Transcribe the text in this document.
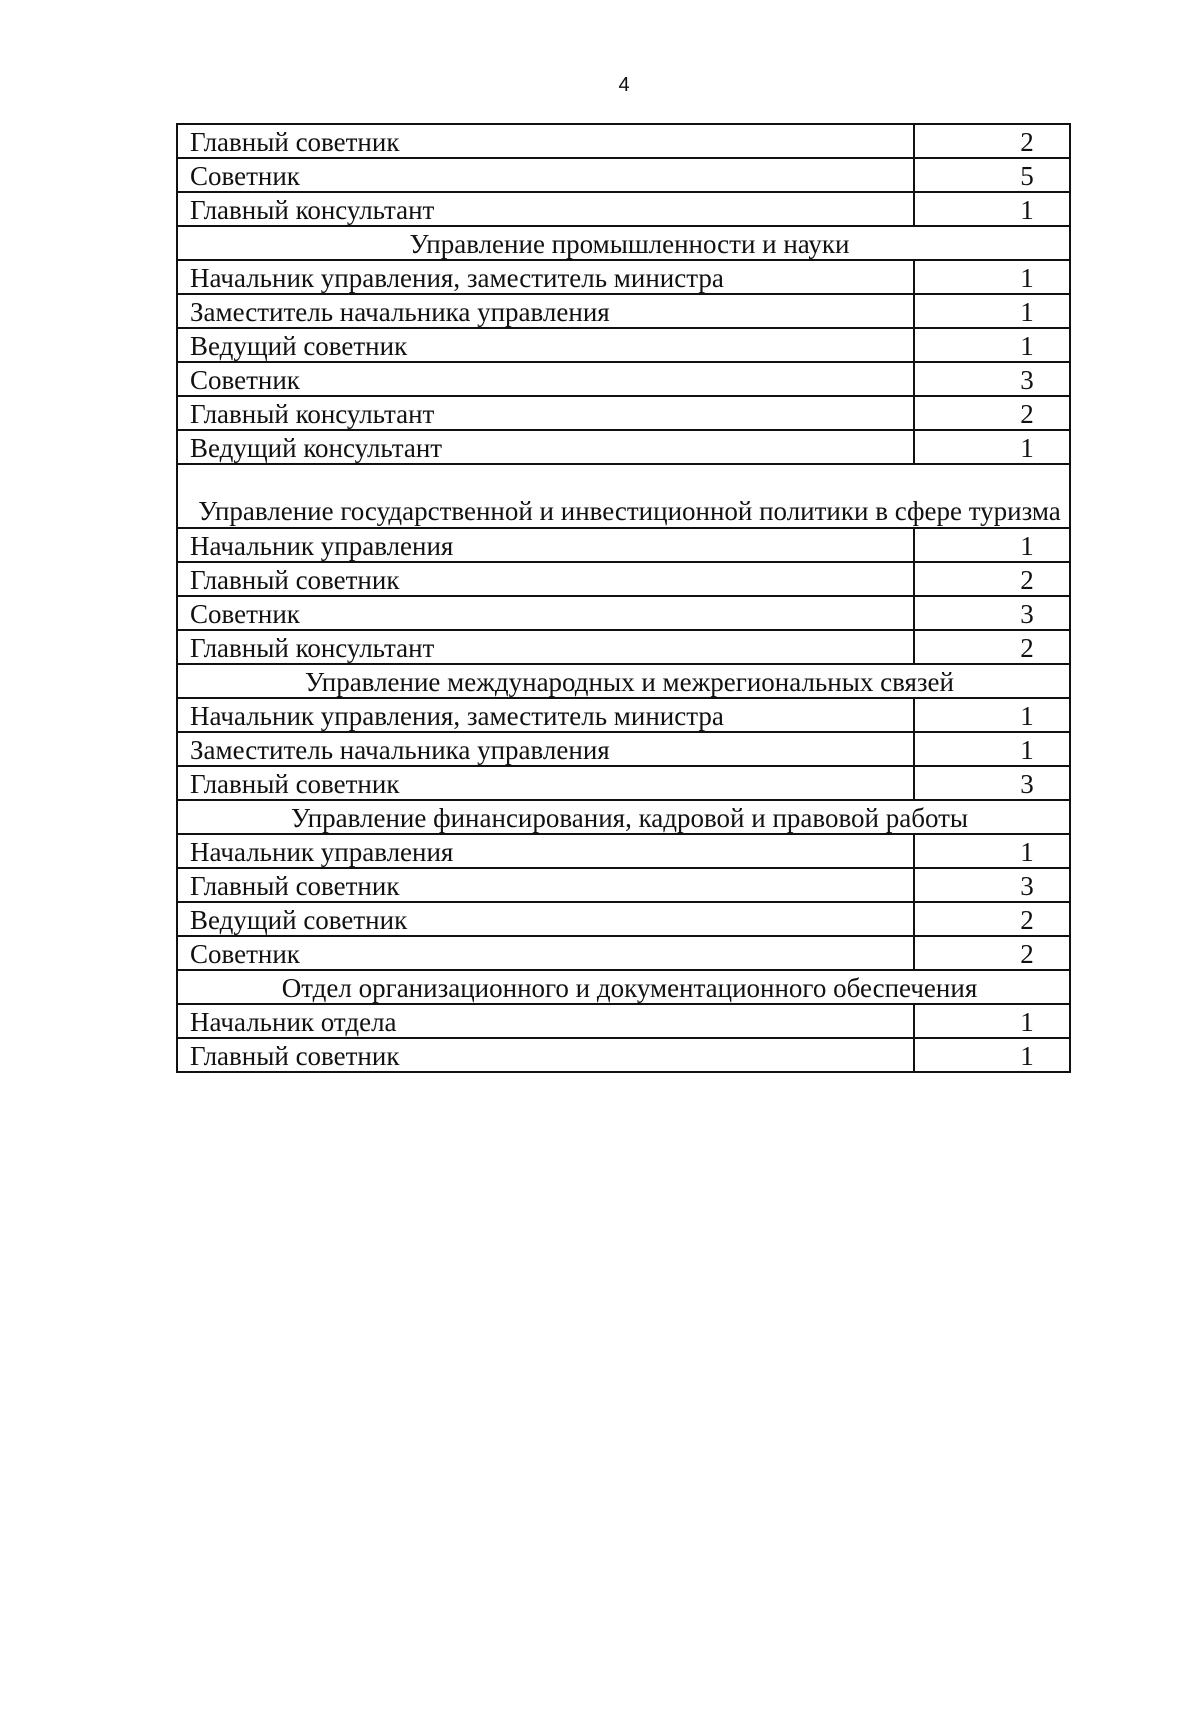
4
Главный советник	2
Советник	5
Главный консультант	1
Управление промышленности и науки	
Начальник управления, заместитель министра	1
Заместитель начальника управления	1
Ведущий советник	1
Советник	3
Главный консультант	2
Ведущий консультант	1
Управление государственной и инвестиционной политики в сфере туризма	
Начальник управления	1
Главный советник	2
Советник	3
Главный консультант	2
Управление международных и межрегиональных связей	
Начальник управления, заместитель министра	1
Заместитель начальника управления	1
Главный советник	3
Управление финансирования, кадровой и правовой работы	
Начальник управления	1
Главный советник	3
Ведущий советник	2
Советник	2
Отдел организационного и документационного обеспечения	
Начальник отдела	1
Главный советник	1
